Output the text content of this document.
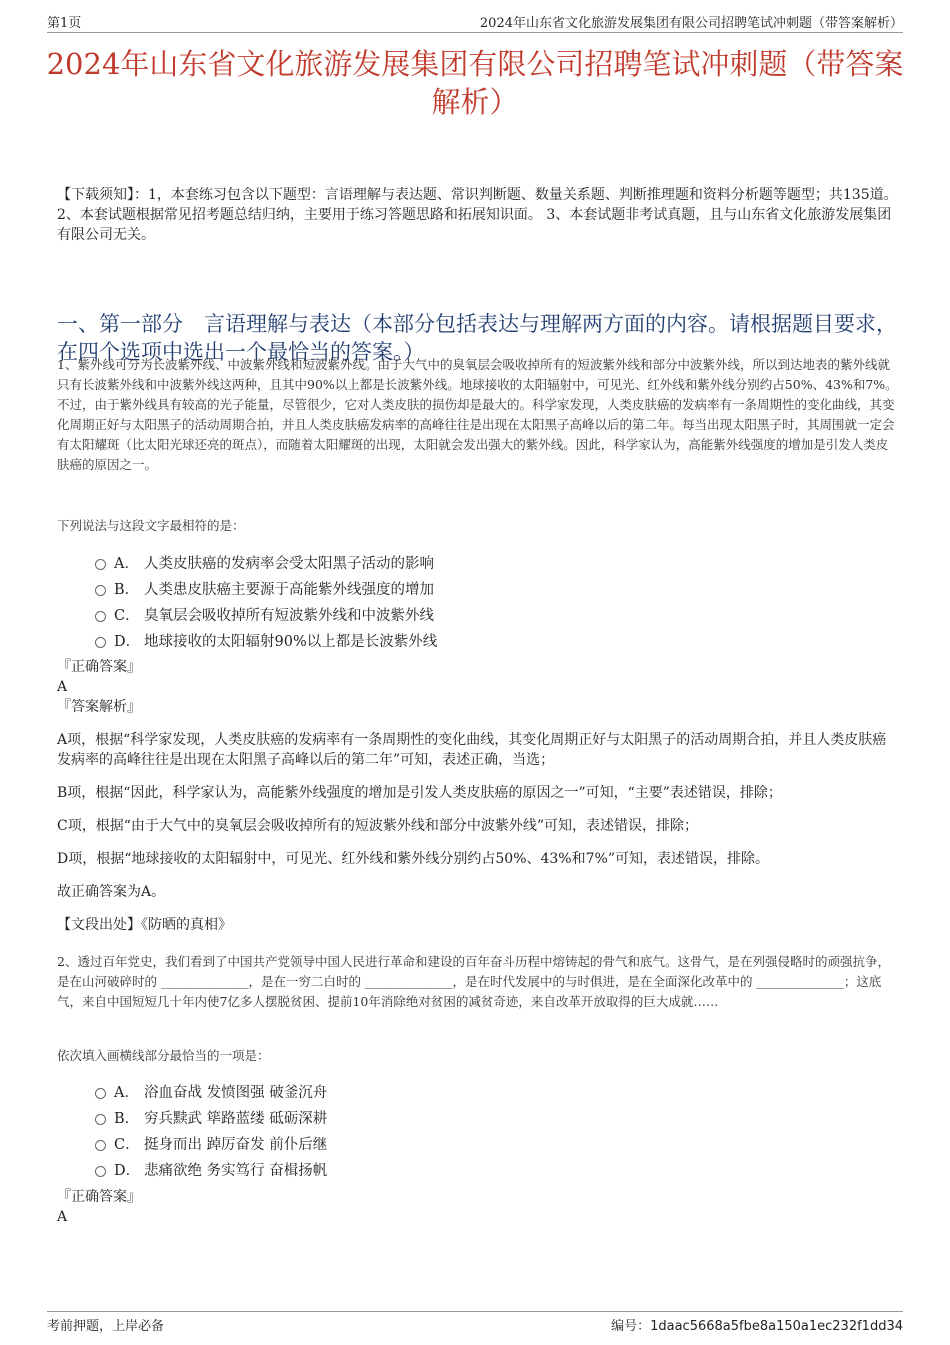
第1页	2024年山东省文化旅游发展集团有限公司招聘笔试冲刺题（带答案解析）
2024年山东省文化旅游发展集团有限公司招聘笔试冲刺题（带答案解析）
【下载须知】：1，本套练习包含以下题型：言语理解与表达题、常识判断题、数量关系题、判断推理题和资料分析题等题型；共135道。 2、本套试题根据常见招考题总结归纳，主要用于练习答题思路和拓展知识面。 3、本套试题非考试真题，且与山东省文化旅游发展集团有限公司无关。
一、第一部分　言语理解与表达（本部分包括表达与理解两方面的内容。请根据题目要求，在四个选项中选出一个最恰当的答案。）
1、紫外线可分为长波紫外线、中波紫外线和短波紫外线。由于大气中的臭氧层会吸收掉所有的短波紫外线和部分中波紫外线，所以到达地表的紫外线就只有长波紫外线和中波紫外线这两种，且其中90%以上都是长波紫外线。地球接收的太阳辐射中，可见光、红外线和紫外线分别约占50%、43%和7%。不过，由于紫外线具有较高的光子能量，尽管很少，它对人类皮肤的损伤却是最大的。科学家发现，人类皮肤癌的发病率有一条周期性的变化曲线，其变化周期正好与太阳黑子的活动周期合拍，并且人类皮肤癌发病率的高峰往往是出现在太阳黑子高峰以后的第二年。每当出现太阳黑子时，其周围就一定会有太阳耀斑（比太阳光球还亮的斑点），而随着太阳耀斑的出现，太阳就会发出强大的紫外线。因此，科学家认为，高能紫外线强度的增加是引发人类皮肤癌的原因之一。
下列说法与这段文字最相符的是：
A． 人类皮肤癌的发病率会受太阳黑子活动的影响
B． 人类患皮肤癌主要源于高能紫外线强度的增加
C． 臭氧层会吸收掉所有短波紫外线和中波紫外线
D． 地球接收的太阳辐射90%以上都是长波紫外线
『正确答案』
A
『答案解析』
A项，根据“科学家发现，人类皮肤癌的发病率有一条周期性的变化曲线，其变化周期正好与太阳黑子的活动周期合拍，并且人类皮肤癌发病率的高峰往往是出现在太阳黑子高峰以后的第二年”可知，表述正确，当选；
B项，根据“因此，科学家认为，高能紫外线强度的增加是引发人类皮肤癌的原因之一”可知，“主要”表述错误，排除；
C项，根据“由于大气中的臭氧层会吸收掉所有的短波紫外线和部分中波紫外线”可知，表述错误，排除；
D项，根据“地球接收的太阳辐射中，可见光、红外线和紫外线分别约占50%、43%和7%”可知，表述错误，排除。
故正确答案为A。
【文段出处】《防晒的真相》
2、透过百年党史，我们看到了中国共产党领导中国人民进行革命和建设的百年奋斗历程中熔铸起的骨气和底气。这骨气，是在列强侵略时的顽强抗争，是在山河破碎时的 ______________，是在一穷二白时的 ______________，是在时代发展中的与时俱进，是在全面深化改革中的 ______________；这底气，来自中国短短几十年内使7亿多人摆脱贫困、提前10年消除绝对贫困的减贫奇迹，来自改革开放取得的巨大成就……
依次填入画横线部分最恰当的一项是：
A． 浴血奋战 发愤图强 破釜沉舟
B． 穷兵黩武 筚路蓝缕 砥砺深耕
C． 挺身而出 踔厉奋发 前仆后继
D． 悲痛欲绝 务实笃行 奋楫扬帆
『正确答案』
A
考前押题，上岸必备	编号：1daac5668a5fbe8a150a1ec232f1dd34
